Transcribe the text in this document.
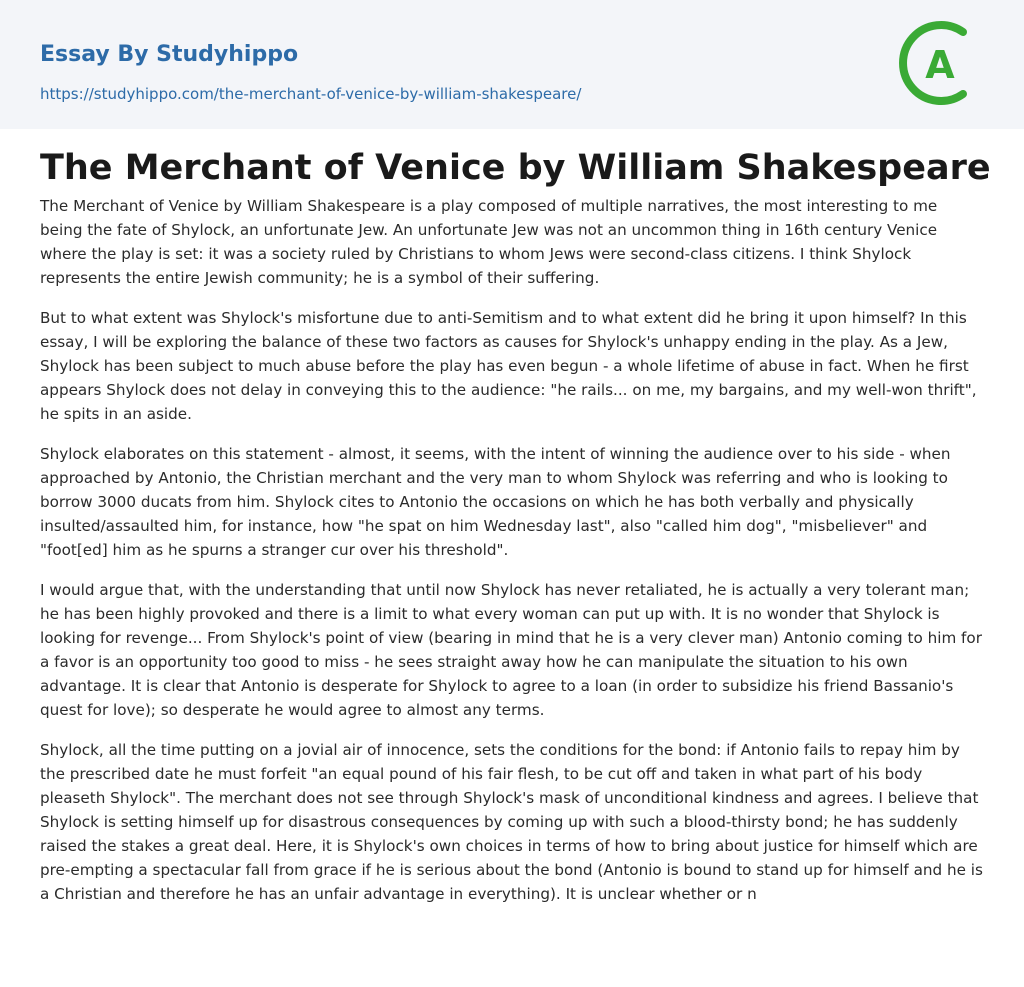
Essay By Studyhippo
https://studyhippo.com/the-merchant-of-venice-by-william-shakespeare/
A
The Merchant of Venice by William Shakespeare

The Merchant of Venice by William Shakespeare is a play composed of multiple narratives, the most interesting to me being the fate of Shylock, an unfortunate Jew. An unfortunate Jew was not an uncommon thing in 16th century Venice where the play is set: it was a society ruled by Christians to whom Jews were second-class citizens. I think Shylock represents the entire Jewish community; he is a symbol of their suffering.

But to what extent was Shylock's misfortune due to anti-Semitism and to what extent did he bring it upon himself? In this essay, I will be exploring the balance of these two factors as causes for Shylock's unhappy ending in the play. As a Jew, Shylock has been subject to much abuse before the play has even begun - a whole lifetime of abuse in fact. When he first appears Shylock does not delay in conveying this to the audience: "he rails... on me, my bargains, and my well-won thrift", he spits in an aside.

Shylock elaborates on this statement - almost, it seems, with the intent of winning the audience over to his side - when approached by Antonio, the Christian merchant and the very man to whom Shylock was referring and who is looking to borrow 3000 ducats from him. Shylock cites to Antonio the occasions on which he has both verbally and physically insulted/assaulted him, for instance, how "he spat on him Wednesday last", also "called him dog", "misbeliever" and "foot[ed] him as he spurns a stranger cur over his threshold".

I would argue that, with the understanding that until now Shylock has never retaliated, he is actually a very tolerant man; he has been highly provoked and there is a limit to what every woman can put up with. It is no wonder that Shylock is looking for revenge... From Shylock's point of view (bearing in mind that he is a very clever man) Antonio coming to him for a favor is an opportunity too good to miss - he sees straight away how he can manipulate the situation to his own advantage. It is clear that Antonio is desperate for Shylock to agree to a loan (in order to subsidize his friend Bassanio's quest for love); so desperate he would agree to almost any terms.

Shylock, all the time putting on a jovial air of innocence, sets the conditions for the bond: if Antonio fails to repay him by the prescribed date he must forfeit "an equal pound of his fair flesh, to be cut off and taken in what part of his body pleaseth Shylock". The merchant does not see through Shylock's mask of unconditional kindness and agrees. I believe that Shylock is setting himself up for disastrous consequences by coming up with such a blood-thirsty bond; he has suddenly raised the stakes a great deal. Here, it is Shylock's own choices in terms of how to bring about justice for himself which are pre-empting a spectacular fall from grace if he is serious about the bond (Antonio is bound to stand up for himself and he is a Christian and therefore he has an unfair advantage in everything). It is unclear whether or n
